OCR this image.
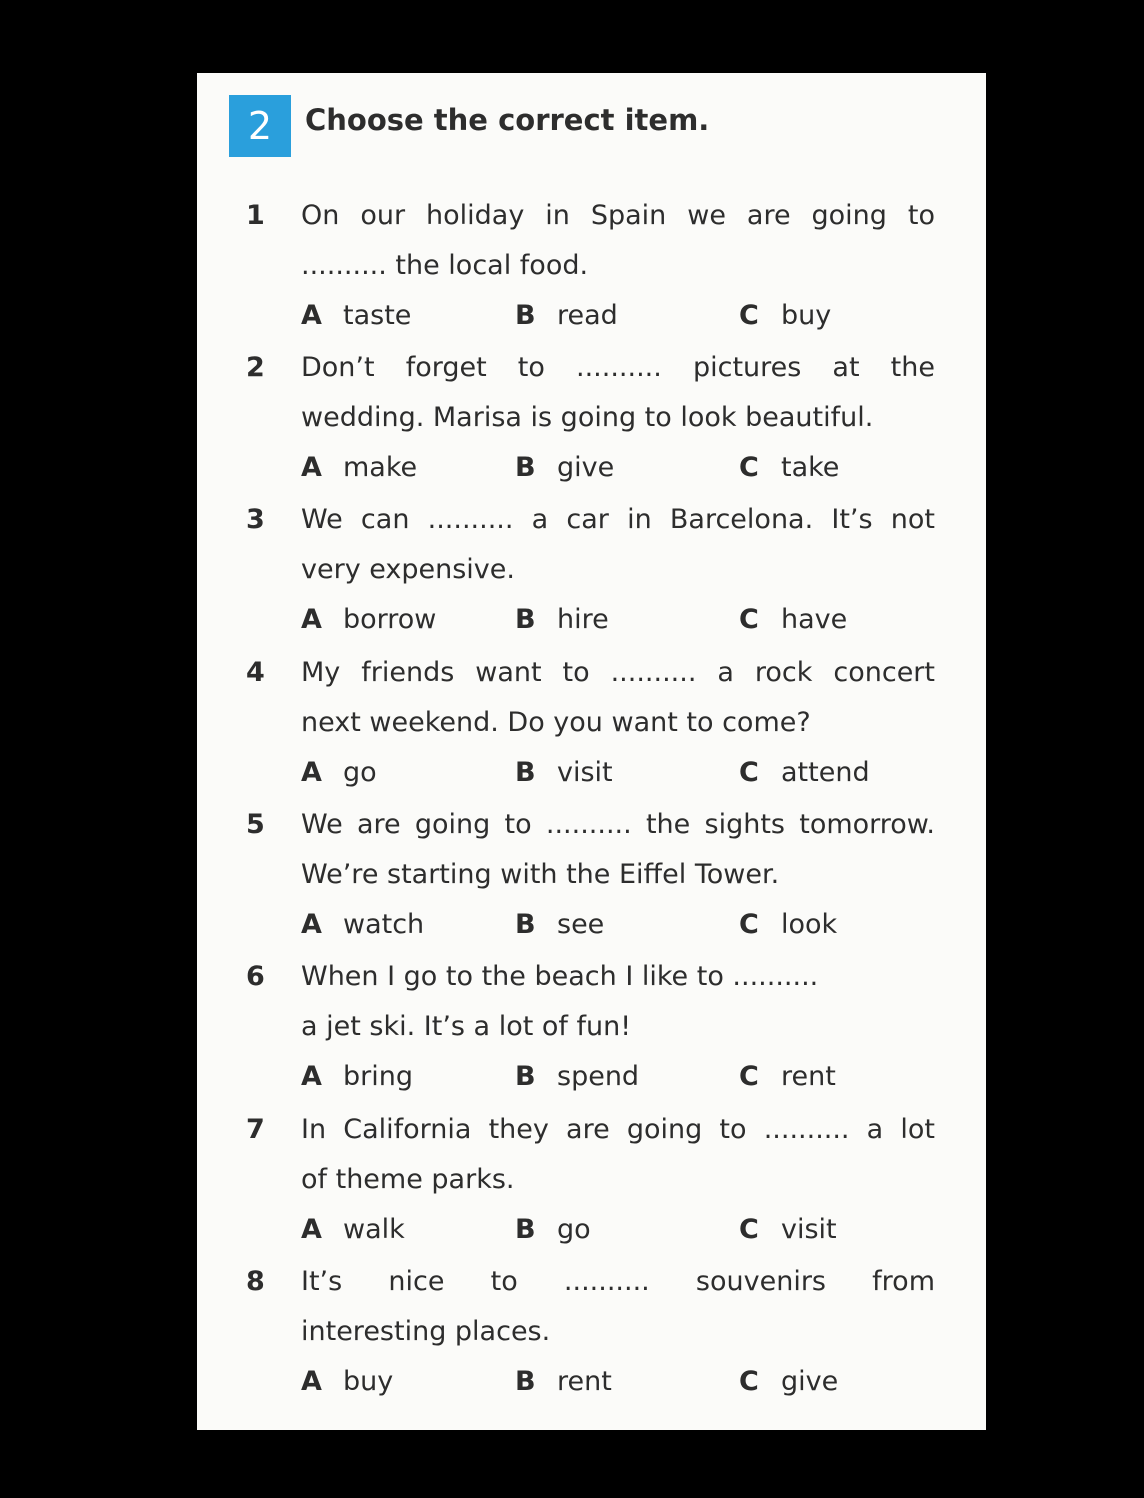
2	Choose the correct item.
1 On our holiday in Spain we are going to
.......... the local food.
A taste	B read	C buy
2 Don’t forget to .......... pictures at the
wedding. Marisa is going to look beautiful.
A make	B give	C take
3 We can .......... a car in Barcelona. It’s not
very expensive.
A borrow	B hire	C have
4 My friends want to .......... a rock concert
next weekend. Do you want to come?
A go	B visit	C attend
5 We are going to .......... the sights tomorrow.
We’re starting with the Eiffel Tower.
A watch	B see	C look
6 When I go to the beach I like to ..........
a jet ski. It’s a lot of fun!
A bring	B spend	C rent
7 In California they are going to .......... a lot
of theme parks.
A walk	B go	C visit
8 It’s nice to .......... souvenirs from
interesting places.
A buy	B rent	C give
